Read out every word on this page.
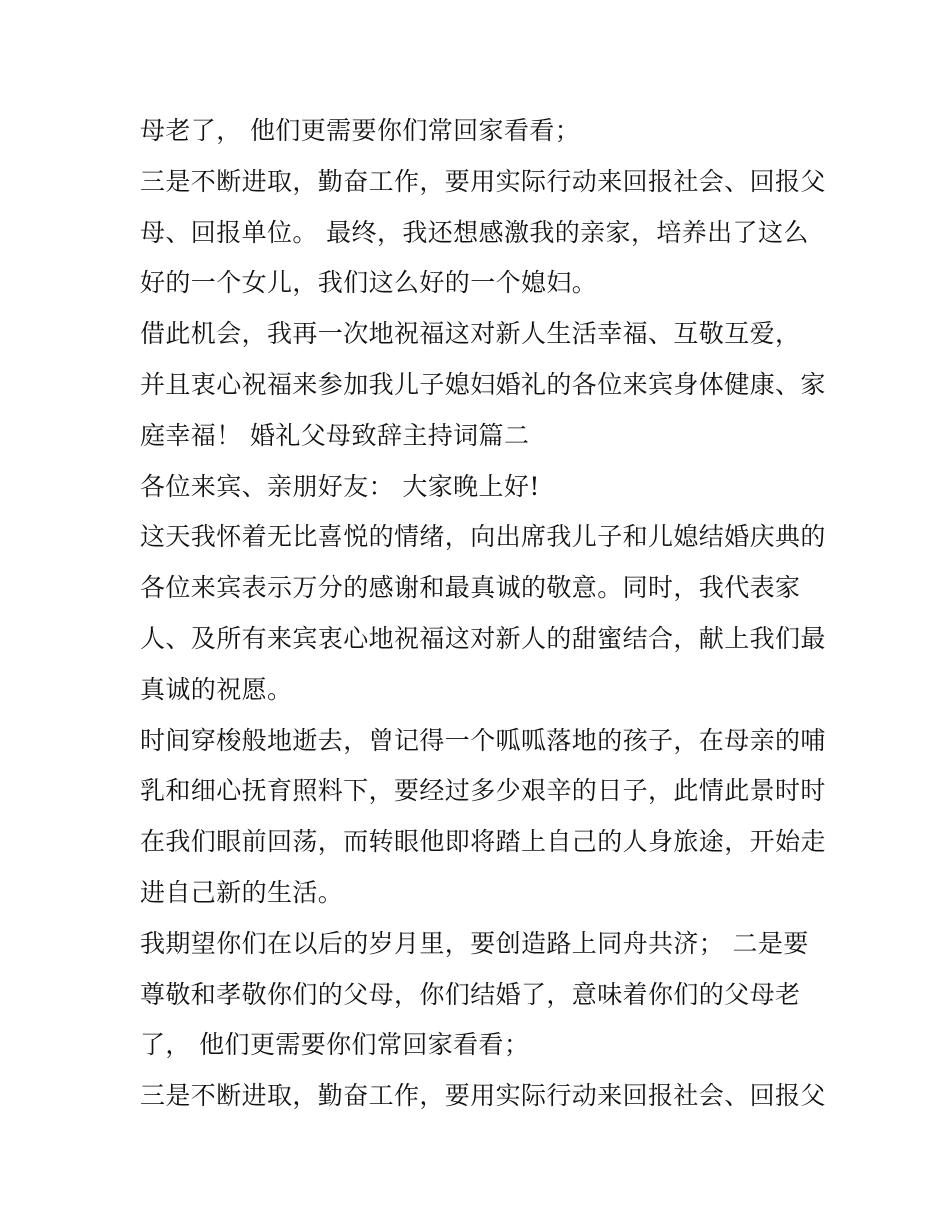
母老了， 他们更需要你们常回家看看；
三是不断进取，勤奋工作，要用实际行动来回报社会、回报父
母、回报单位。 最终，我还想感激我的亲家，培养出了这么
好的一个女儿，我们这么好的一个媳妇。
借此机会，我再一次地祝福这对新人生活幸福、互敬互爱，
并且衷心祝福来参加我儿子媳妇婚礼的各位来宾身体健康、家
庭幸福！ 婚礼父母致辞主持词篇二
各位来宾、亲朋好友： 大家晚上好!
这天我怀着无比喜悦的情绪，向出席我儿子和儿媳结婚庆典的
各位来宾表示万分的感谢和最真诚的敬意。同时，我代表家
人、及所有来宾衷心地祝福这对新人的甜蜜结合，献上我们最
真诚的祝愿。
时间穿梭般地逝去，曾记得一个呱呱落地的孩子，在母亲的哺
乳和细心抚育照料下，要经过多少艰辛的日子，此情此景时时
在我们眼前回荡，而转眼他即将踏上自己的人身旅途，开始走
进自己新的生活。
我期望你们在以后的岁月里，要创造路上同舟共济； 二是要
尊敬和孝敬你们的父母，你们结婚了，意味着你们的父母老
了， 他们更需要你们常回家看看；
三是不断进取，勤奋工作，要用实际行动来回报社会、回报父
